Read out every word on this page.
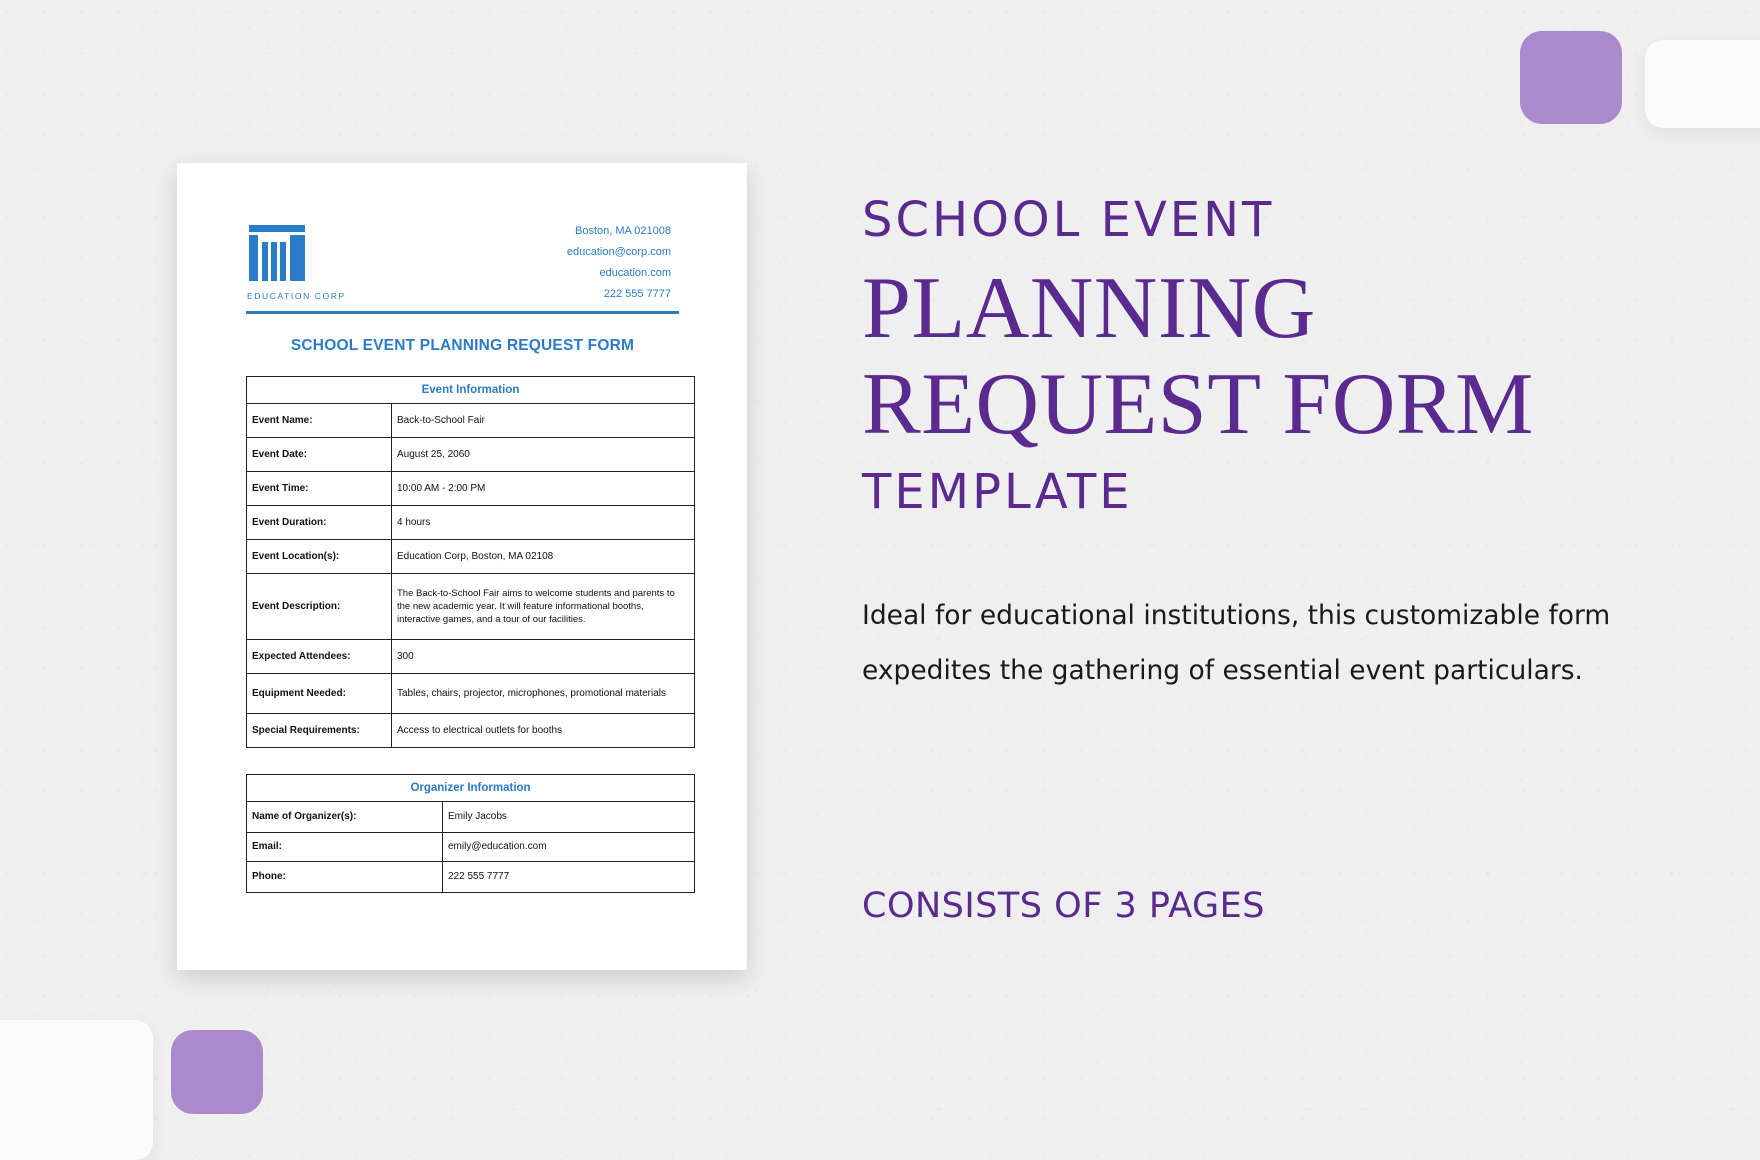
EDUCATION CORP
Boston, MA 021008
education@corp.com
education.com
222 555 7777
SCHOOL EVENT PLANNING REQUEST FORM
Event Information	
Event Name:	Back-to-School Fair
Event Date:	August 25, 2060
Event Time:	10:00 AM - 2:00 PM
Event Duration:	4 hours
Event Location(s):	Education Corp, Boston, MA 02108
Event Description:	The Back-to-School Fair aims to welcome students and parents to the new academic year. It will feature informational booths, interactive games, and a tour of our facilities.
Expected Attendees:	300
Equipment Needed:	Tables, chairs, projector, microphones, promotional materials
Special Requirements:	Access to electrical outlets for booths
Organizer Information	
Name of Organizer(s):	Emily Jacobs
Email:	emily@education.com
Phone:	222 555 7777
SCHOOL EVENT
PLANNING
REQUEST FORM
TEMPLATE
Ideal for educational institutions, this customizable form expedites the gathering of essential event particulars.
CONSISTS OF 3 PAGES
